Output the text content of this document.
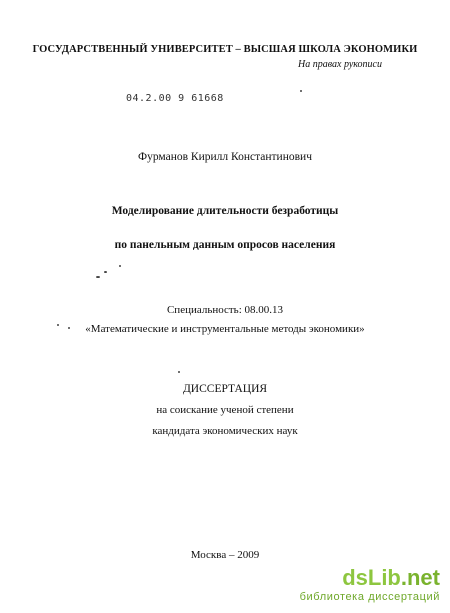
ГОСУДАРСТВЕННЫЙ УНИВЕРСИТЕТ – ВЫСШАЯ ШКОЛА ЭКОНОМИКИ
На правах рукописи
04.2.00 9 61668
Фурманов Кирилл Константинович
Моделирование длительности безработицы
по панельным данным опросов населения
Специальность: 08.00.13
«Математические и инструментальные методы экономики»
ДИССЕРТАЦИЯ
на соискание ученой степени
кандидата экономических наук
Москва – 2009
dsLib.net
библиотека диссертаций
